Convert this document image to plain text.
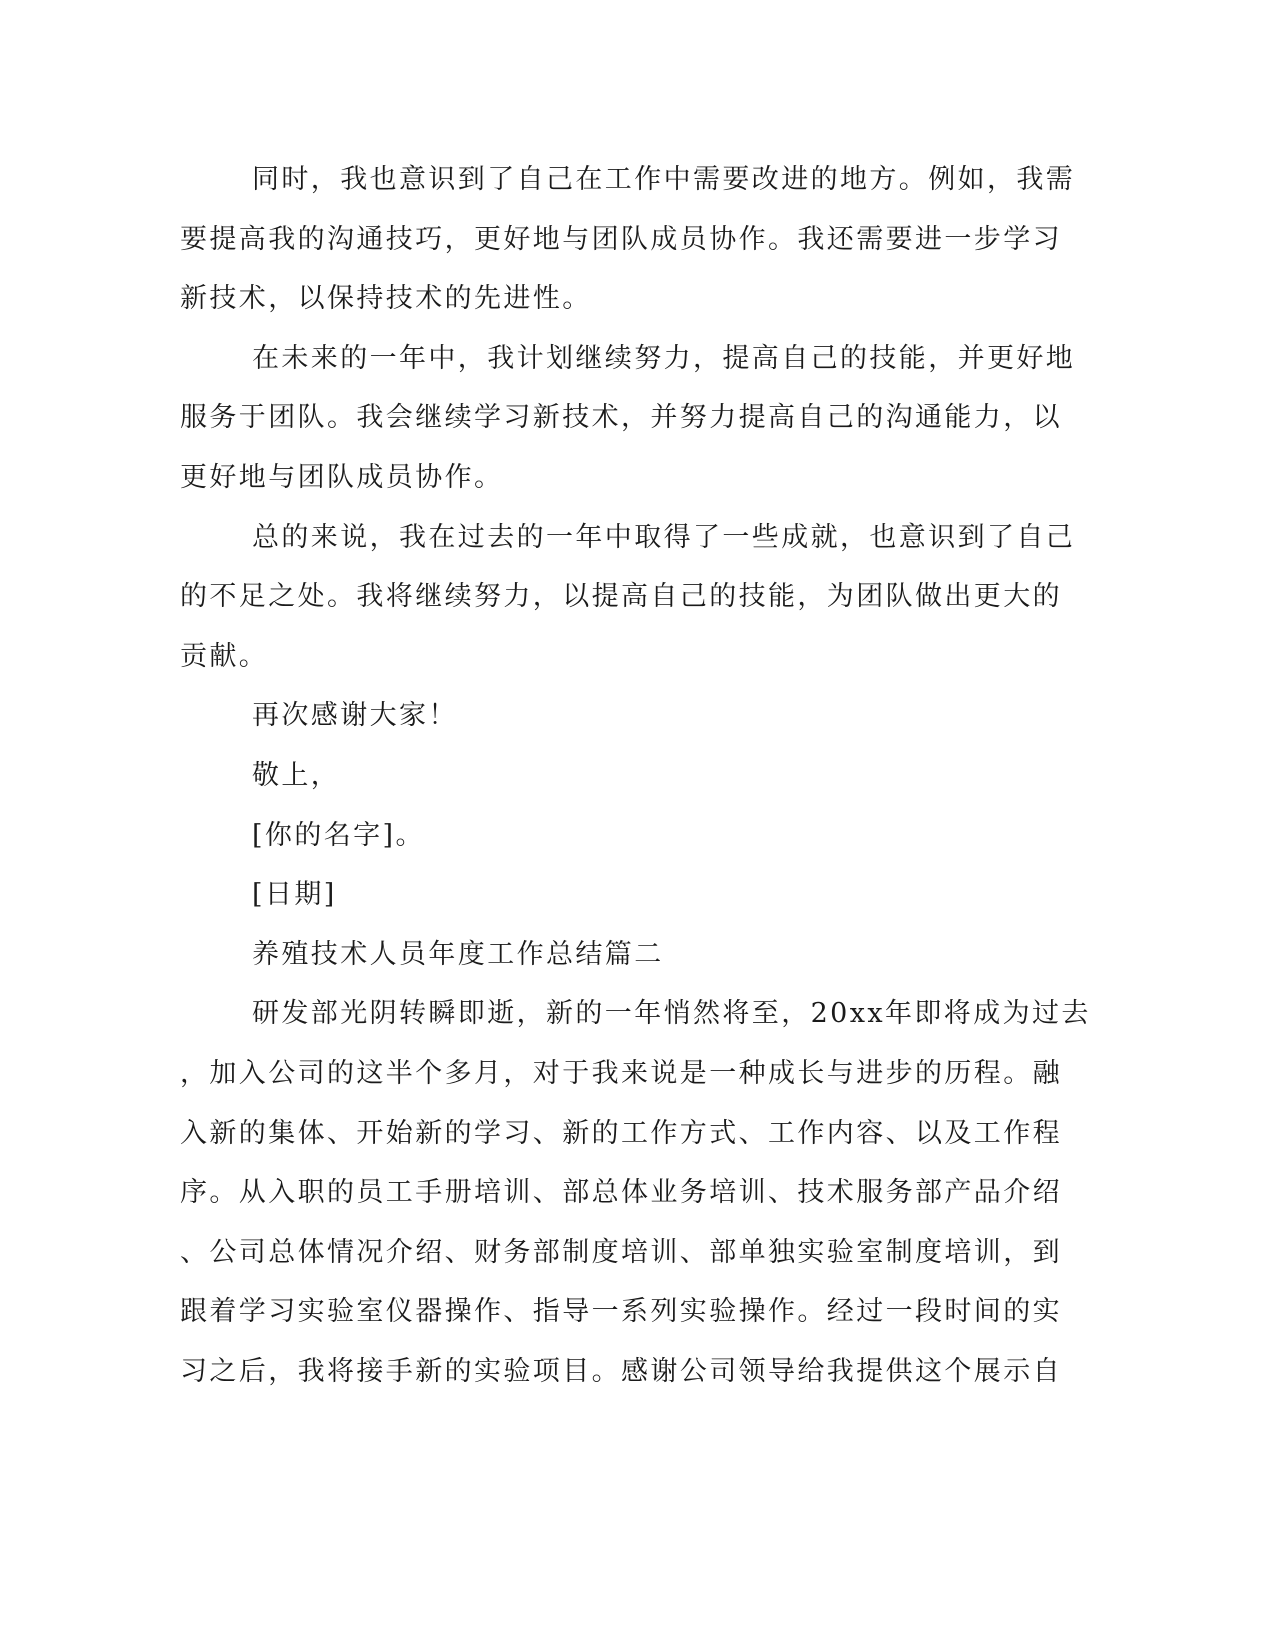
同时，我也意识到了自己在工作中需要改进的地方。例如，我需
要提高我的沟通技巧，更好地与团队成员协作。我还需要进一步学习
新技术，以保持技术的先进性。
在未来的一年中，我计划继续努力，提高自己的技能，并更好地
服务于团队。我会继续学习新技术，并努力提高自己的沟通能力，以
更好地与团队成员协作。
总的来说，我在过去的一年中取得了一些成就，也意识到了自己
的不足之处。我将继续努力，以提高自己的技能，为团队做出更大的
贡献。
再次感谢大家！
敬上，
[你的名字]。
[日期]
养殖技术人员年度工作总结篇二
研发部光阴转瞬即逝，新的一年悄然将至，20xx年即将成为过去
，加入公司的这半个多月，对于我来说是一种成长与进步的历程。融
入新的集体、开始新的学习、新的工作方式、工作内容、以及工作程
序。从入职的员工手册培训、部总体业务培训、技术服务部产品介绍
、公司总体情况介绍、财务部制度培训、部单独实验室制度培训，到
跟着学习实验室仪器操作、指导一系列实验操作。经过一段时间的实
习之后，我将接手新的实验项目。感谢公司领导给我提供这个展示自
